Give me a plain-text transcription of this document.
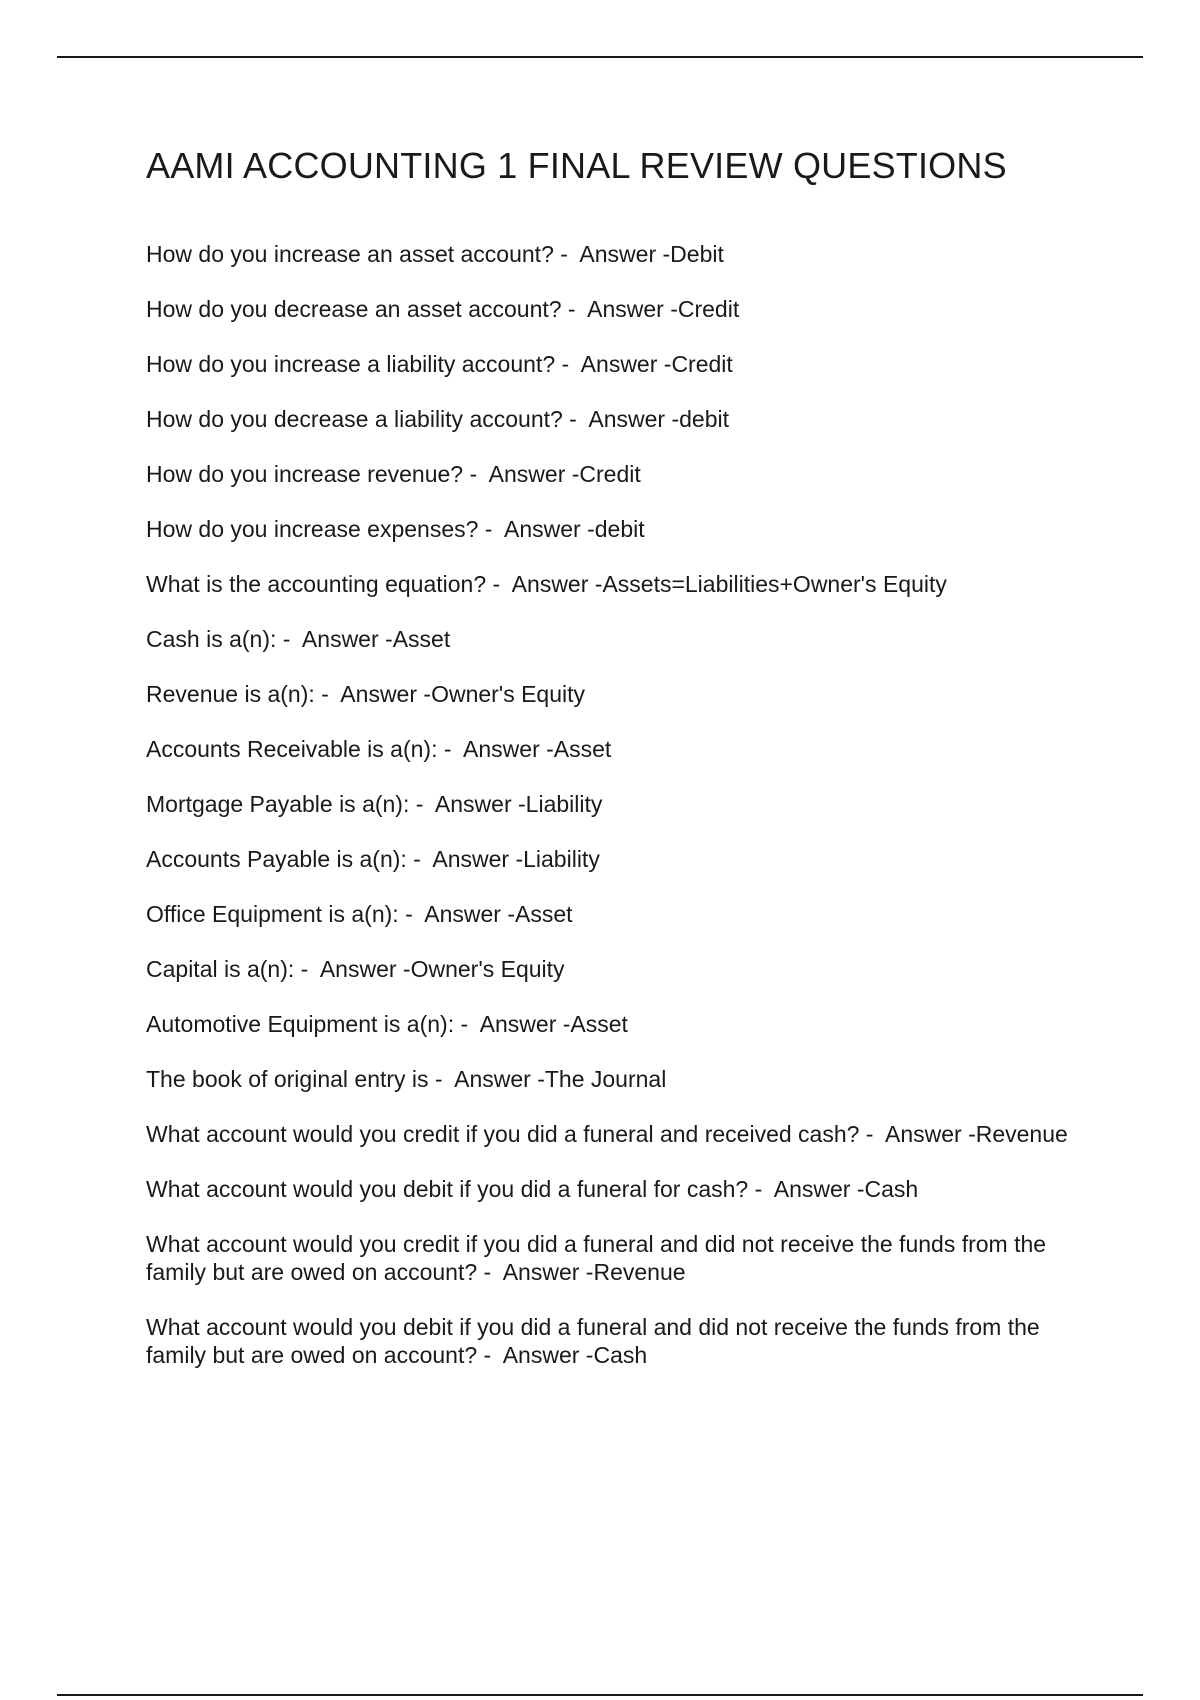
AAMI ACCOUNTING 1 FINAL REVIEW QUESTIONS
How do you increase an asset account? -  Answer -Debit
How do you decrease an asset account? -  Answer -Credit
How do you increase a liability account? -  Answer -Credit
How do you decrease a liability account? -  Answer -debit
How do you increase revenue? -  Answer -Credit
How do you increase expenses? -  Answer -debit
What is the accounting equation? -  Answer -Assets=Liabilities+Owner's Equity
Cash is a(n): -  Answer -Asset
Revenue is a(n): -  Answer -Owner's Equity
Accounts Receivable is a(n): -  Answer -Asset
Mortgage Payable is a(n): -  Answer -Liability
Accounts Payable is a(n): -  Answer -Liability
Office Equipment is a(n): -  Answer -Asset
Capital is a(n): -  Answer -Owner's Equity
Automotive Equipment is a(n): -  Answer -Asset
The book of original entry is -  Answer -The Journal
What account would you credit if you did a funeral and received cash? -  Answer -Revenue
What account would you debit if you did a funeral for cash? -  Answer -Cash
What account would you credit if you did a funeral and did not receive the funds from the family but are owed on account? -  Answer -Revenue
What account would you debit if you did a funeral and did not receive the funds from the family but are owed on account? -  Answer -Cash
